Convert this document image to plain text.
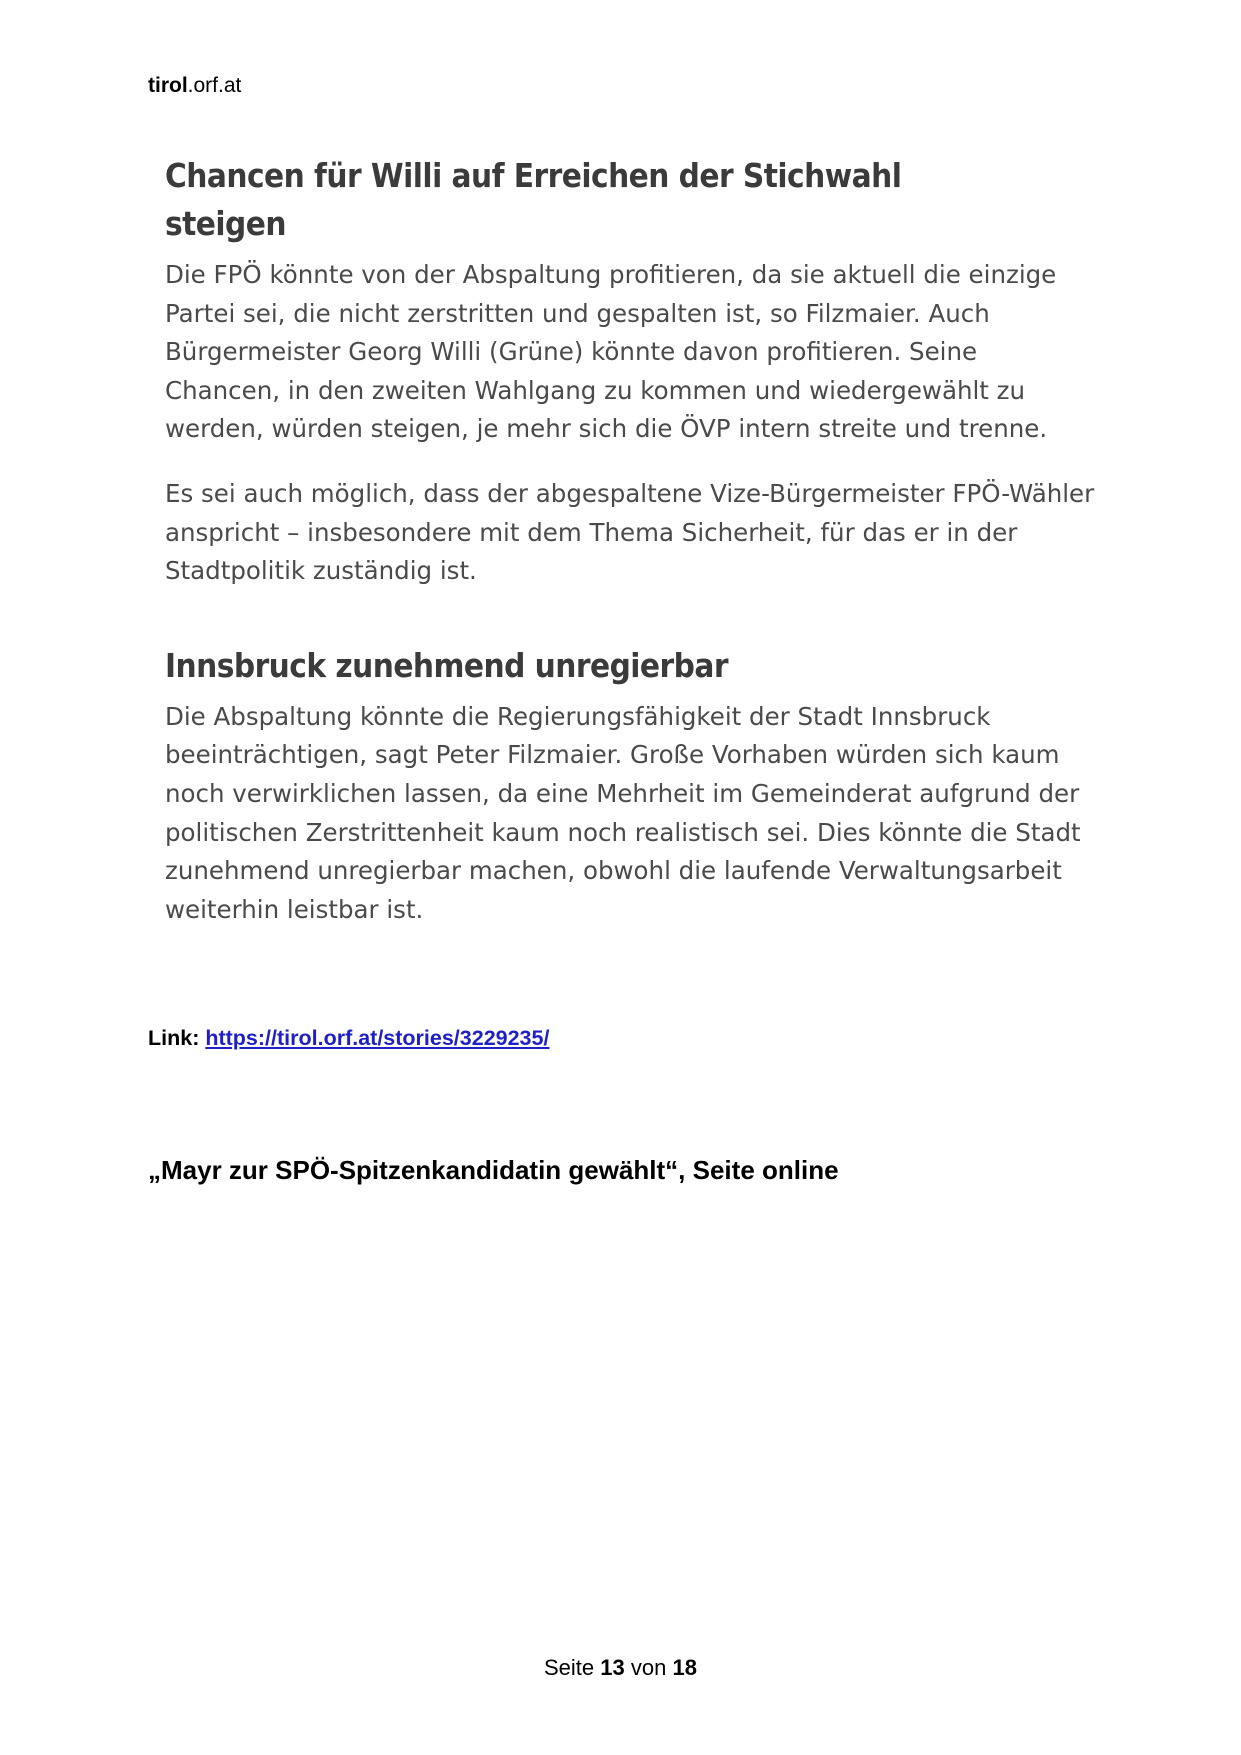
tirol.orf.at
Chancen für Willi auf Erreichen der Stichwahl steigen

Die FPÖ könnte von der Abspaltung profitieren, da sie aktuell die einzige Partei sei, die nicht zerstritten und gespalten ist, so Filzmaier. Auch Bürgermeister Georg Willi (Grüne) könnte davon profitieren. Seine Chancen, in den zweiten Wahlgang zu kommen und wiedergewählt zu werden, würden steigen, je mehr sich die ÖVP intern streite und trenne.

Es sei auch möglich, dass der abgespaltene Vize-Bürgermeister FPÖ-Wähler anspricht – insbesondere mit dem Thema Sicherheit, für das er in der Stadtpolitik zuständig ist.

Innsbruck zunehmend unregierbar

Die Abspaltung könnte die Regierungsfähigkeit der Stadt Innsbruck beeinträchtigen, sagt Peter Filzmaier. Große Vorhaben würden sich kaum noch verwirklichen lassen, da eine Mehrheit im Gemeinderat aufgrund der politischen Zerstrittenheit kaum noch realistisch sei. Dies könnte die Stadt zunehmend unregierbar machen, obwohl die laufende Verwaltungsarbeit weiterhin leistbar ist.

Link: https://tirol.orf.at/stories/3229235/
„Mayr zur SPÖ-Spitzenkandidatin gewählt“, Seite online
Seite 13 von 18
